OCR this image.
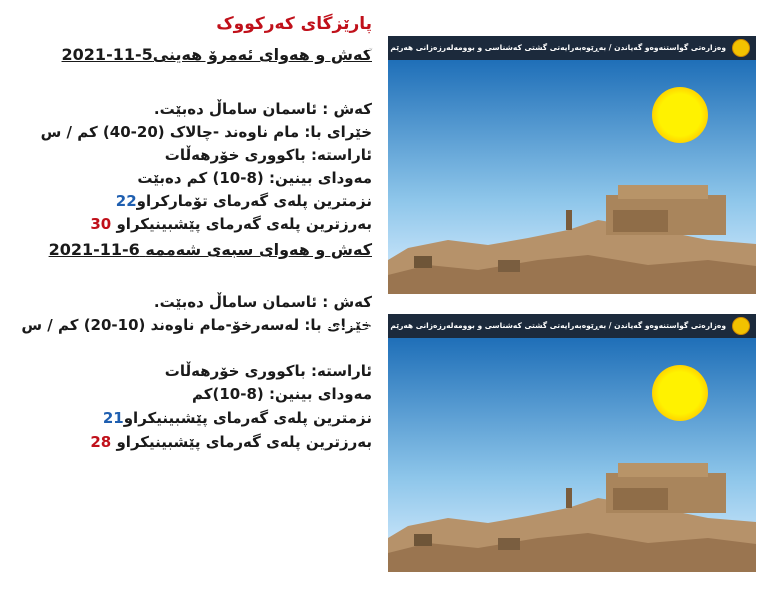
پارێزگای کەرکووک
کەش و هەوای ئەمرۆ هەینی2021-11-5
کەش : ئاسمان ساماڵ دەبێت.
خێرای با: مام ناوەند -چالاک (20-40) کم / س
ئاراستە: باکووری خۆرهەڵات
مەودای بینین: (8-10) کم دەبێت
نزمترین پلەی گەرمای تۆمارکراو22
بەرزترین پلەی گەرمای پێشبینیکراو 30
کەش و هەوای سبەی شەممە 2021-11-6
کەش : ئاسمان ساماڵ دەبێت.
خێرای با: لەسەرخۆ-مام ناوەند (10-20) کم / س
ئاراستە: باکووری خۆرهەڵات
مەودای بینین: (8-10)کم
نزمترین پلەی گەرمای پێشبینیکراو21
بەرزترین پلەی گەرمای پێشبینیکراو 28
وەزارەتی گواستنەوەو گەیاندن / بەڕێوەبەرایەتی گشتی کەشناسی و بوومەلەرزەزانی هەرێم - بەشی پێشبینی
وەزارەتی گواستنەوەو گەیاندن / بەڕێوەبەرایەتی گشتی کەشناسی و بوومەلەرزەزانی هەرێم - بەشی پێشبینی
